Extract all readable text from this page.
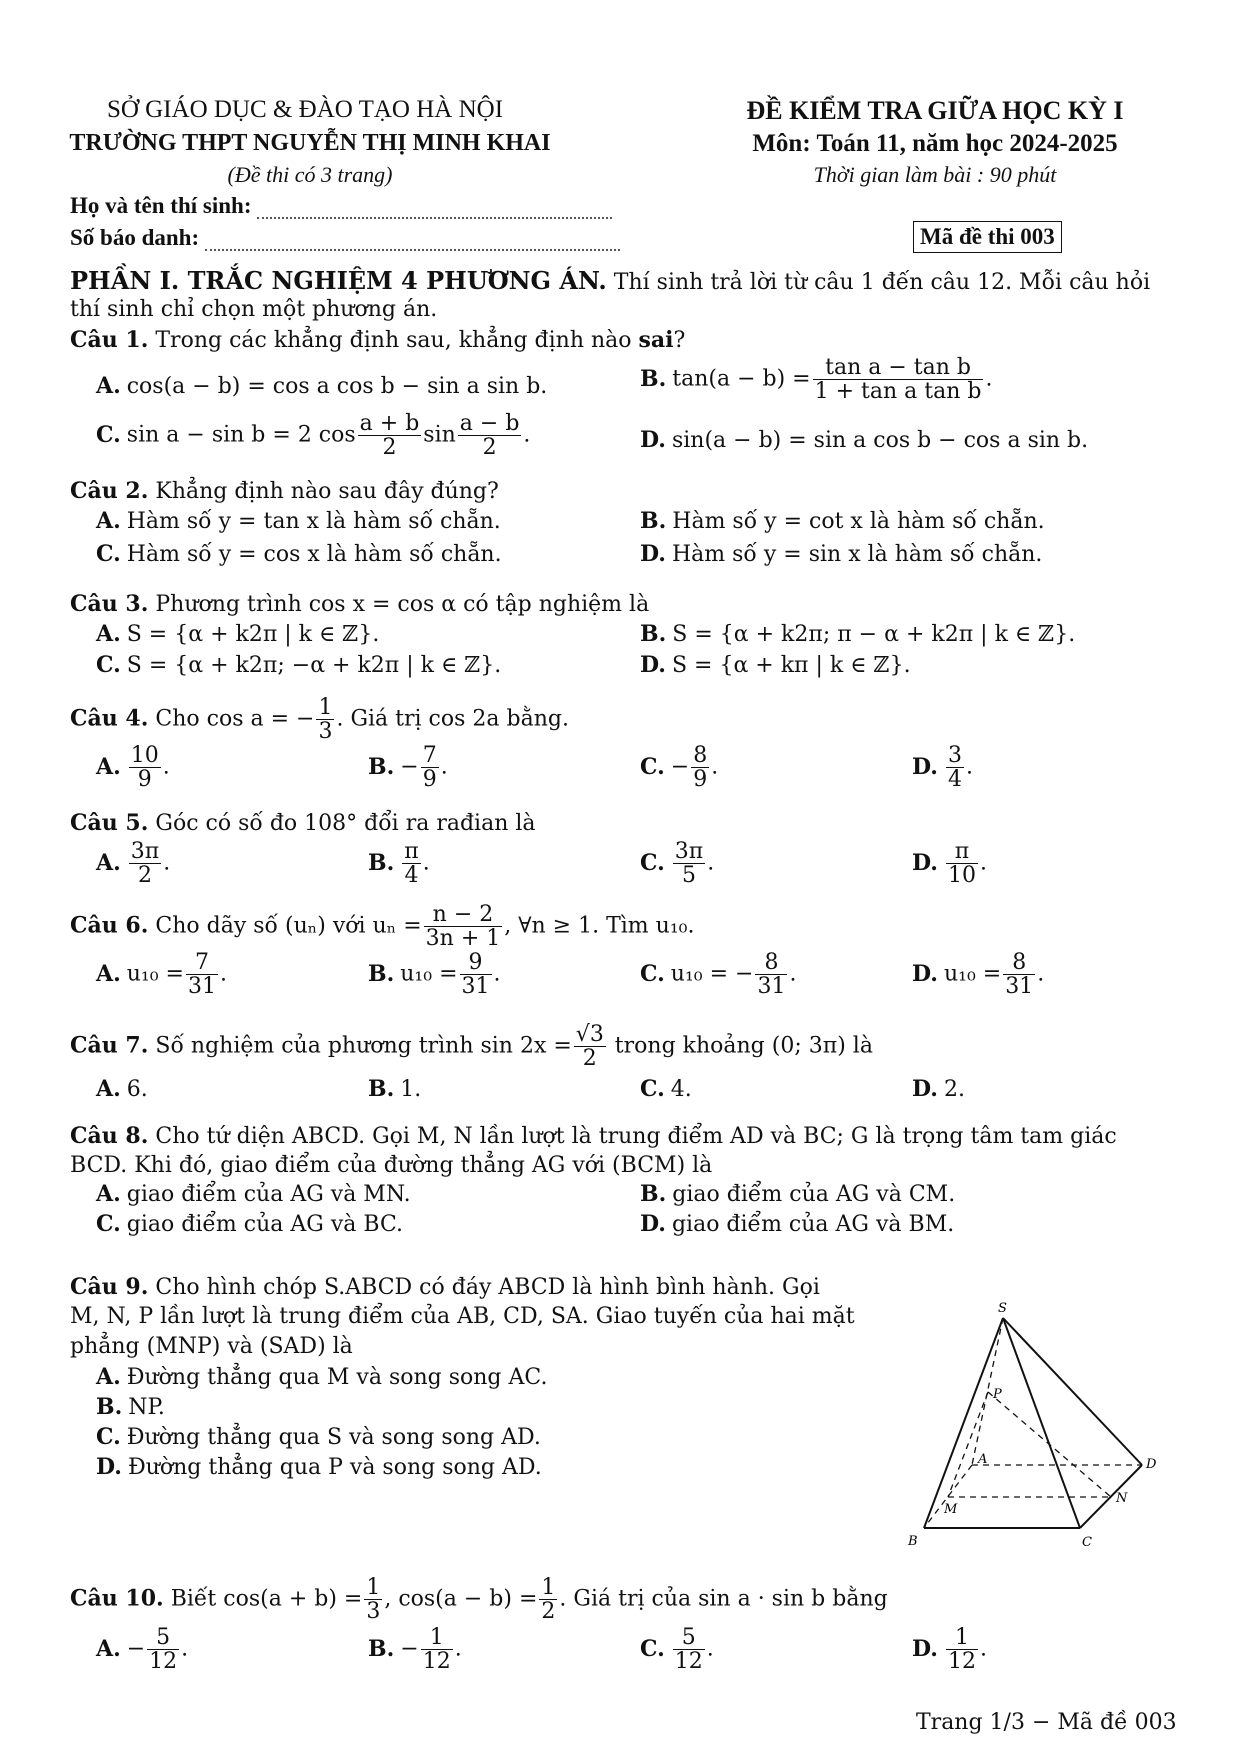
SỞ GIÁO DỤC & ĐÀO TẠO HÀ NỘI
TRƯỜNG THPT NGUYỄN THỊ MINH KHAI
(Đề thi có 3 trang)
ĐỀ KIỂM TRA GIỮA HỌC KỲ I
Môn: Toán 11, năm học 2024-2025
Thời gian làm bài : 90 phút
Họ và tên thí sinh:
Số báo danh:	Mã đề thi 003
PHẦN I. TRẮC NGHIỆM 4 PHƯƠNG ÁN. Thí sinh trả lời từ câu 1 đến câu 12. Mỗi câu hỏi
thí sinh chỉ chọn một phương án.
Câu 1. Trong các khẳng định sau, khẳng định nào sai?
A. cos(a − b) = cos a cos b − sin a sin b.	B. $\tan(a - b) = \frac{\text{tan a − tan b}}{\text{1 + tan a tan b}}$ .
C. sin a − sin b = 2 $\cos \frac{a + b}{2}$ $\sin \frac{a - b}{2}$ .	D. sin(a − b) = sin a cos b − cos a sin b.
Câu 2. Khẳng định nào sau đây đúng?
A. Hàm số y = tan x là hàm số chẵn.	B. Hàm số y = cot x là hàm số chẵn.
C. Hàm số y = cos x là hàm số chẵn.	D. Hàm số y = sin x là hàm số chẵn.
Câu 3. Phương trình cos x = cos α có tập nghiệm là
A. S = {α + k2π | k ∈ ℤ}.	B. S = {α + k2π; π − α + k2π | k ∈ ℤ}.
C. S = {α + k2π; −α + k2π | k ∈ ℤ}.	D. S = {α + kπ | k ∈ ℤ}.
Câu 4. Cho cos a = − $\frac{1}{3}$ . Giá trị cos 2a bằng.
A. $\frac{10}{9}$ .	B. − $\frac{7}{9}$ .	C. − $\frac{8}{9}$ .	D. $\frac{3}{4}$ .
Câu 5. Góc có số đo 108° đổi ra rađian là
A. $\frac{3\pi}{2}$ .	B. $\frac{\pi}{4}$ .	C. $\frac{3\pi}{5}$ .	D. $\frac{\pi}{10}$ .
Câu 6. Cho dãy số (uₙ) với $u_n = \frac{n - 2}{3n + 1}$ , ∀n ≥ 1. Tìm u₁₀.
A. $u_{10} = \frac{7}{31}$ .	B. $u_{10} = \frac{9}{31}$ .	C. u₁₀ = − $\frac{8}{31}$ .	D. $u_{10} = \frac{8}{31}$ .
Câu 7. Số nghiệm của phương trình $\sin 2x = \frac{√3}{2}$ trong khoảng (0; 3π) là
A. 6.	B. 1.	C. 4.	D. 2.
Câu 8. Cho tứ diện ABCD. Gọi M, N lần lượt là trung điểm AD và BC; G là trọng tâm tam giác
BCD. Khi đó, giao điểm của đường thẳng AG với (BCM) là
A. giao điểm của AG và MN.	B. giao điểm của AG và CM.
C. giao điểm của AG và BC.	D. giao điểm của AG và BM.
Câu 9. Cho hình chóp S.ABCD có đáy ABCD là hình bình hành. Gọi
M, N, P lần lượt là trung điểm của AB, CD, SA. Giao tuyến của hai mặt
phẳng (MNP) và (SAD) là
A. Đường thẳng qua M và song song AC.
B. NP.
C. Đường thẳng qua S và song song AD.
D. Đường thẳng qua P và song song AD.
S
P
A	D
M
N
B	C
Câu 10. Biết $\cos(a + b) = \frac{1}{3}$ , $\cos(a - b) = \frac{1}{2}$ . Giá trị của sin a · sin b bằng
A. − $\frac{5}{12}$ .	B. − $\frac{1}{12}$ .	C. $\frac{5}{12}$ .	D. $\frac{1}{12}$ .
Trang 1/3 − Mã đề 003
